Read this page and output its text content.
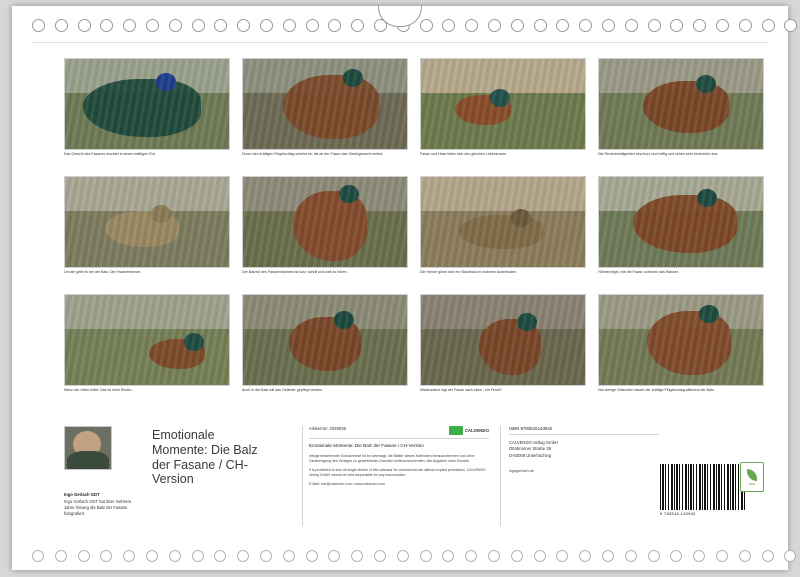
Das Gesicht des Fasanes leuchtet in einem kräftigen Rot.	Durch den kräftigen Flügelschlag scheint es, als ob der Fasan das Gleichgewicht verliert.	Fasan und Hase teilen sich den gleichen Lebensraum.	Die Revierstreitigkeiten sind kurz und heftig und sehen sehr bedrohlich aus.
Um sie geht es bei der Balz: Die Fasanenhenne.	Der Balzruf des Fasanenhahnes ist kurz, schrill und weit zu hören.	Die Henne gönnt sich ein Staubbad im lockeren Ackerboden.	Hühnervögel, wie die Fasan, scheuen das Wasser.
Wenn der Hahn kräht: Das ist mein Revier...	Auch in der Balz will das Gefieder gepflegt werden.	Misstrauisch lugt der Fasan nach oben - ein Feind?	Nur wenige Sekunden dauert der kräftige Flügelschlag während der Balz.
Ingo Gerlach GDT
Ingo Gerlach GDT hat über mehrere Jahre hinweg die Balz der Fasane fotografiert.
Emotionale
Momente: Die Balz
der Fasane / CH-
Version
Artikel-Nr: 2029035	CALVENDO
Emotionale Momente: Die Balz der Fasane / CH-Version
Infolge bestehender Schutzrechte ist es untersagt, die Blätter dieses Kalenders herauszutrennen und ohne Genehmigung des Verlages zu gewerblichen Zwecken weiterzuverwenden. Alle Angaben ohne Gewähr.
It is prohibited to tear off single sheets of this calendar for commercial use without explicit permission. CALVENDO Verlag GmbH cannot be held responsible for any inaccuracies.
E-Mail: info@calvendo.com • www.calvendo.com
ISBN 9783516143942
CALVENDO Verlag GmbH
Ottobrunner Straße 39
D-82008 Unterhaching
ingogerlach.de
9 783516 143942
eco
